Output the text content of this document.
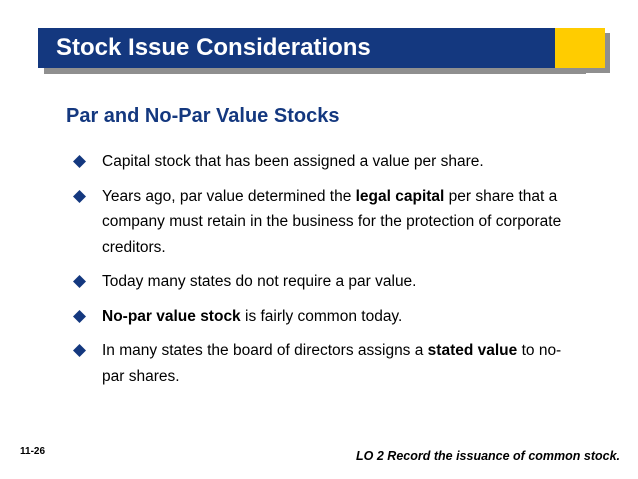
Stock Issue Considerations
Par and No-Par Value Stocks
Capital stock that has been assigned a value per share.
Years ago, par value determined the legal capital per share that a company must retain in the business for the protection of corporate creditors.
Today many states do not require a par value.
No-par value stock is fairly common today.
In many states the board of directors assigns a stated value to no-par shares.
11-26	LO 2 Record the issuance of common stock.
